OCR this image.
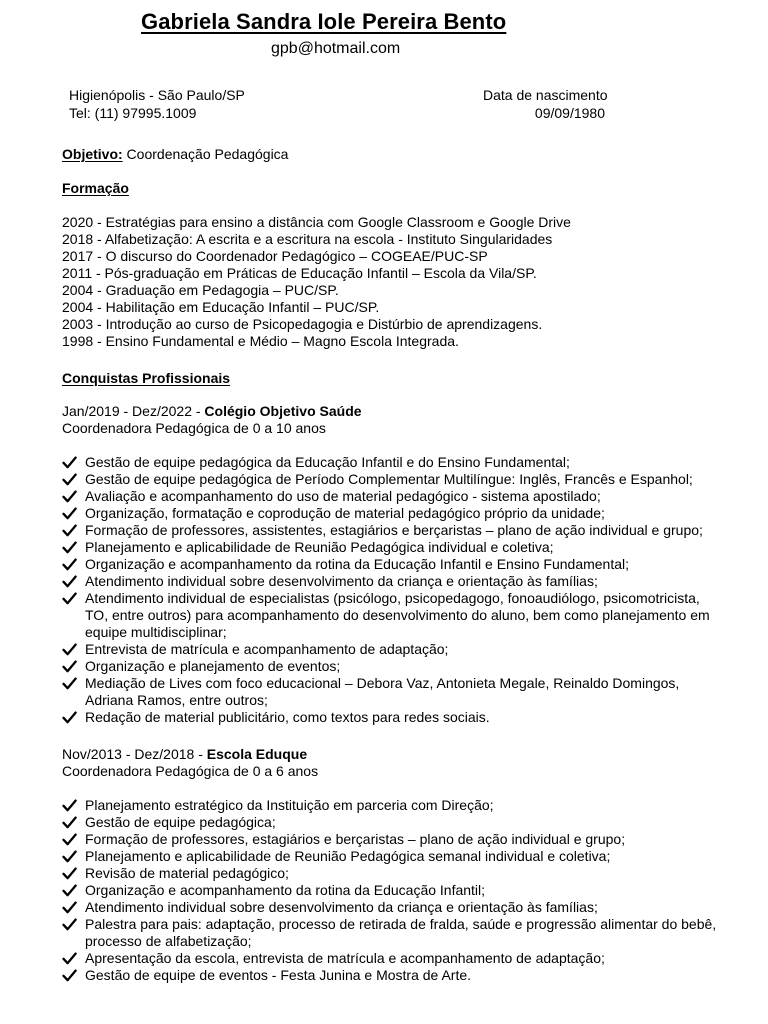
Gabriela Sandra Iole Pereira Bento
gpb@hotmail.com
Higienópolis - São Paulo/SP
Tel: (11) 97995.1009
Data de nascimento
09/09/1980
Objetivo: Coordenação Pedagógica
Formação
2020 - Estratégias para ensino a distância com Google Classroom e Google Drive
2018 - Alfabetização: A escrita e a escritura na escola - Instituto Singularidades
2017 - O discurso do Coordenador Pedagógico – COGEAE/PUC-SP
2011 - Pós-graduação em Práticas de Educação Infantil – Escola da Vila/SP.
2004 - Graduação em Pedagogia – PUC/SP.
2004 - Habilitação em Educação Infantil – PUC/SP.
2003 - Introdução ao curso de Psicopedagogia e Distúrbio de aprendizagens.
1998 - Ensino Fundamental e Médio – Magno Escola Integrada.
Conquistas Profissionais
Jan/2019 - Dez/2022 - Colégio Objetivo Saúde
Coordenadora Pedagógica de 0 a 10 anos
Gestão de equipe pedagógica da Educação Infantil e do Ensino Fundamental;
Gestão de equipe pedagógica de Período Complementar Multilíngue: Inglês, Francês e Espanhol;
Avaliação e acompanhamento do uso de material pedagógico - sistema apostilado;
Organização, formatação e coprodução de material pedagógico próprio da unidade;
Formação de professores, assistentes, estagiários e berçaristas – plano de ação individual e grupo;
Planejamento e aplicabilidade de Reunião Pedagógica individual e coletiva;
Organização e acompanhamento da rotina da Educação Infantil e Ensino Fundamental;
Atendimento individual sobre desenvolvimento da criança e orientação às famílias;
Atendimento individual de especialistas (psicólogo, psicopedagogo, fonoaudiólogo, psicomotricista, TO, entre outros) para acompanhamento do desenvolvimento do aluno, bem como planejamento em equipe multidisciplinar;
Entrevista de matrícula e acompanhamento de adaptação;
Organização e planejamento de eventos;
Mediação de Lives com foco educacional – Debora Vaz, Antonieta Megale, Reinaldo Domingos, Adriana Ramos, entre outros;
Redação de material publicitário, como textos para redes sociais.
Nov/2013 - Dez/2018 - Escola Eduque
Coordenadora Pedagógica de 0 a 6 anos
Planejamento estratégico da Instituição em parceria com Direção;
Gestão de equipe pedagógica;
Formação de professores, estagiários e berçaristas – plano de ação individual e grupo;
Planejamento e aplicabilidade de Reunião Pedagógica semanal individual e coletiva;
Revisão de material pedagógico;
Organização e acompanhamento da rotina da Educação Infantil;
Atendimento individual sobre desenvolvimento da criança e orientação às famílias;
Palestra para pais: adaptação, processo de retirada de fralda, saúde e progressão alimentar do bebê, processo de alfabetização;
Apresentação da escola, entrevista de matrícula e acompanhamento de adaptação;
Gestão de equipe de eventos - Festa Junina e Mostra de Arte.
